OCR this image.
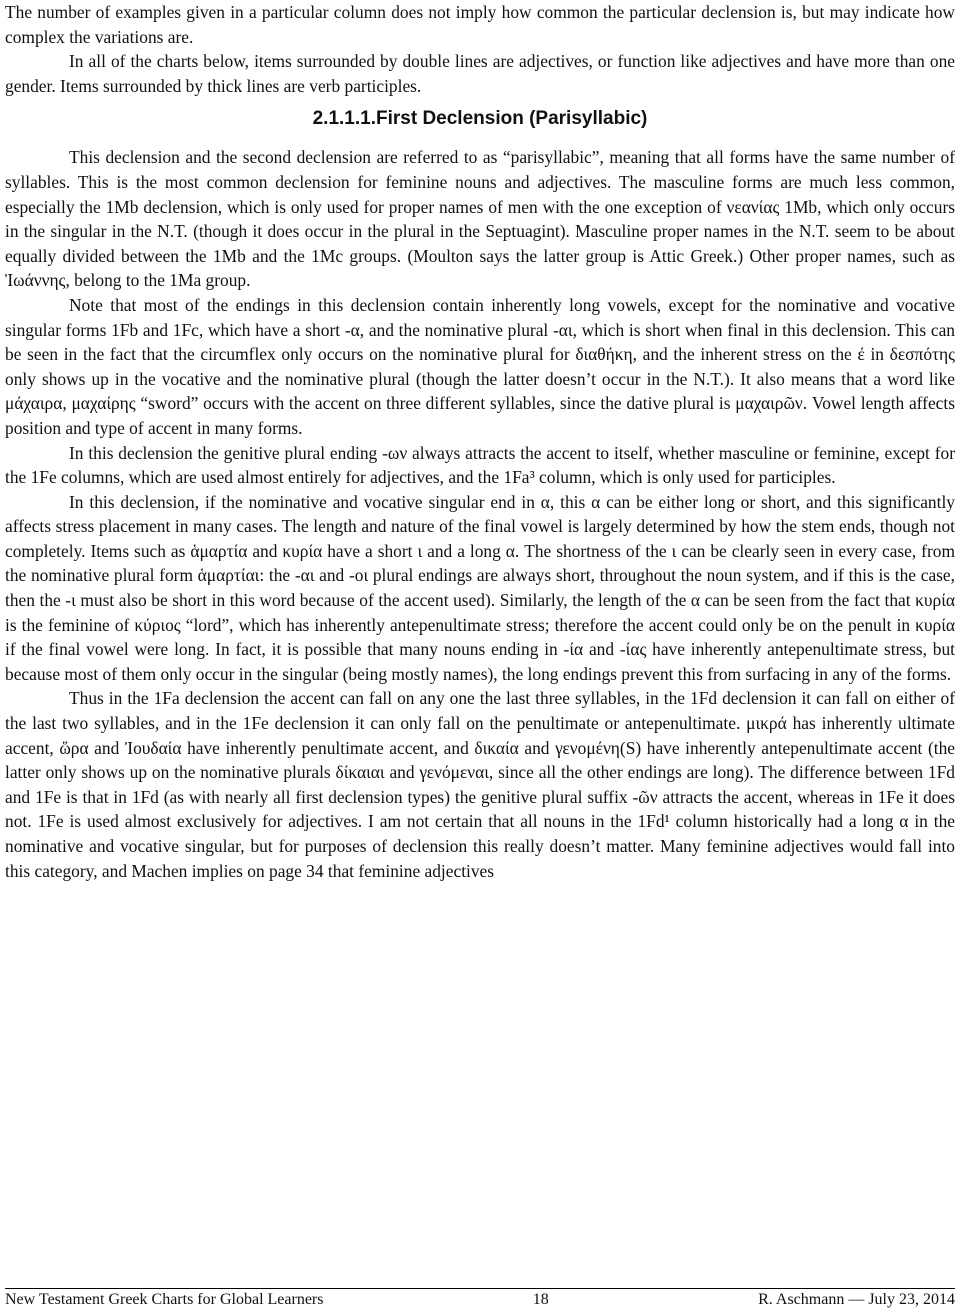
The number of examples given in a particular column does not imply how common the particular declension is, but may indicate how complex the variations are.

In all of the charts below, items surrounded by double lines are adjectives, or function like adjectives and have more than one gender. Items surrounded by thick lines are verb participles.

2.1.1.1.First Declension (Parisyllabic)

This declension and the second declension are referred to as “parisyllabic”, meaning that all forms have the same number of syllables. This is the most common declension for feminine nouns and adjectives. The masculine forms are much less common, especially the 1Mb declension, which is only used for proper names of men with the one exception of νεανίας 1Mb, which only occurs in the singular in the N.T. (though it does occur in the plural in the Septuagint). Masculine proper names in the N.T. seem to be about equally divided between the 1Mb and the 1Mc groups. (Moulton says the latter group is Attic Greek.) Other proper names, such as Ἰωάννης, belong to the 1Ma group.

Note that most of the endings in this declension contain inherently long vowels, except for the nominative and vocative singular forms 1Fb and 1Fc, which have a short -α, and the nominative plural -αι, which is short when final in this declension. This can be seen in the fact that the circumflex only occurs on the nominative plural for διαθήκη, and the inherent stress on the έ in δεσπότης only shows up in the vocative and the nominative plural (though the latter doesn’t occur in the N.T.). It also means that a word like μάχαιρα, μαχαίρης “sword” occurs with the accent on three different syllables, since the dative plural is μαχαιρῶν. Vowel length affects position and type of accent in many forms.

In this declension the genitive plural ending -ων always attracts the accent to itself, whether masculine or feminine, except for the 1Fe columns, which are used almost entirely for adjectives, and the 1Fa³ column, which is only used for participles.

In this declension, if the nominative and vocative singular end in α, this α can be either long or short, and this significantly affects stress placement in many cases. The length and nature of the final vowel is largely determined by how the stem ends, though not completely. Items such as ἁμαρτία and κυρία have a short ι and a long α. The shortness of the ι can be clearly seen in every case, from the nominative plural form ἁμαρτίαι: the -αι and -οι plural endings are always short, throughout the noun system, and if this is the case, then the -ι must also be short in this word because of the accent used). Similarly, the length of the α can be seen from the fact that κυρία is the feminine of κύριος “lord”, which has inherently antepenultimate stress; therefore the accent could only be on the penult in κυρία if the final vowel were long. In fact, it is possible that many nouns ending in -ία and -ίας have inherently antepenultimate stress, but because most of them only occur in the singular (being mostly names), the long endings prevent this from surfacing in any of the forms.

Thus in the 1Fa declension the accent can fall on any one the last three syllables, in the 1Fd declension it can fall on either of the last two syllables, and in the 1Fe declension it can only fall on the penultimate or antepenultimate. μικρά has inherently ultimate accent, ὥρα and Ἰουδαία have inherently penultimate accent, and δικαία and γενομένη(S) have inherently antepenultimate accent (the latter only shows up on the nominative plurals δίκαιαι and γενόμεναι, since all the other endings are long). The difference between 1Fd and 1Fe is that in 1Fd (as with nearly all first declension types) the genitive plural suffix -ῶν attracts the accent, whereas in 1Fe it does not. 1Fe is used almost exclusively for adjectives. I am not certain that all nouns in the 1Fd¹ column historically had a long α in the nominative and vocative singular, but for purposes of declension this really doesn’t matter. Many feminine adjectives would fall into this category, and Machen implies on page 34 that feminine adjectives

New Testament Greek Charts for Global Learners	18	R. Aschmann — July 23, 2014
